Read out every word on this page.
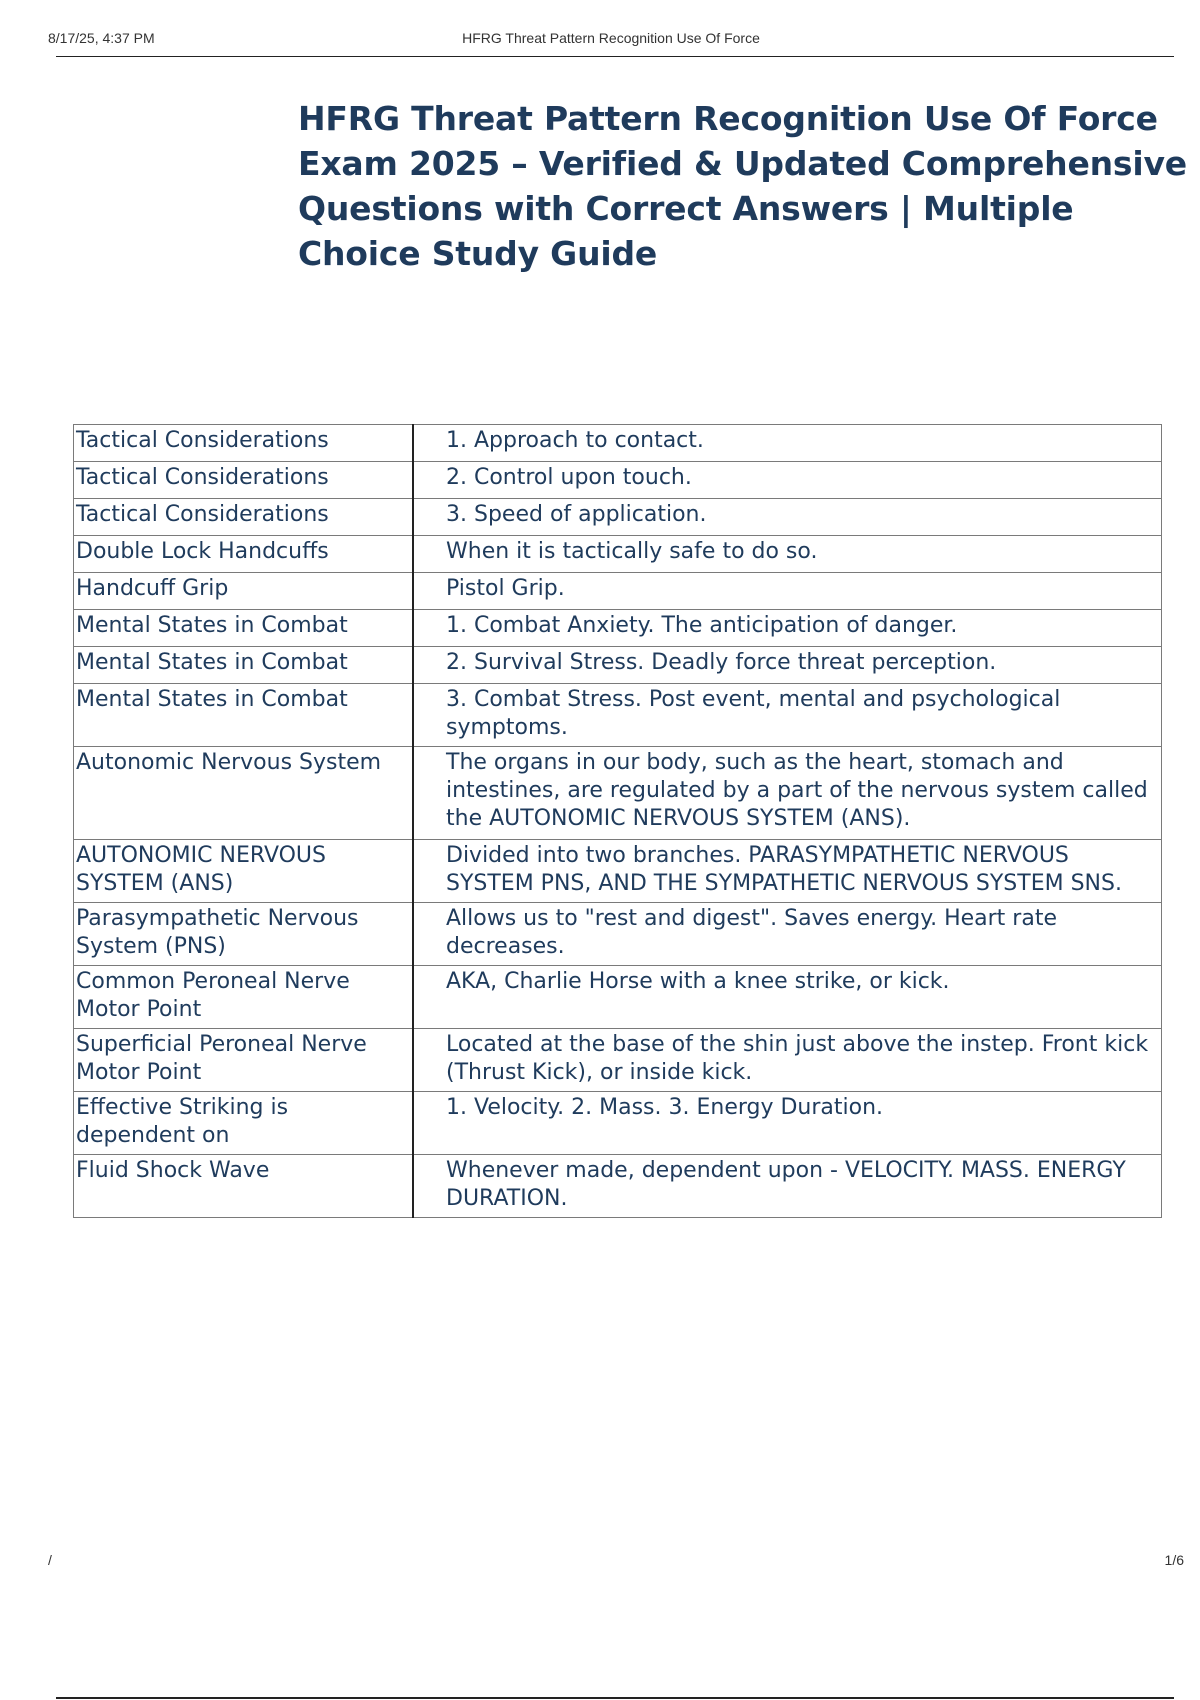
8/17/25, 4:37 PM	HFRG Threat Pattern Recognition Use Of Force
HFRG Threat Pattern Recognition Use Of Force Exam 2025 – Verified & Updated Comprehensive Questions with Correct Answers | Multiple Choice Study Guide
Tactical Considerations	1. Approach to contact.
Tactical Considerations	2. Control upon touch.
Tactical Considerations	3. Speed of application.
Double Lock Handcuffs	When it is tactically safe to do so.
Handcuff Grip	Pistol Grip.
Mental States in Combat	1. Combat Anxiety. The anticipation of danger.
Mental States in Combat	2. Survival Stress. Deadly force threat perception.
Mental States in Combat	3. Combat Stress. Post event, mental and psychological symptoms.
Autonomic Nervous System	The organs in our body, such as the heart, stomach and intestines, are regulated by a part of the nervous system called the AUTONOMIC NERVOUS SYSTEM (ANS).
AUTONOMIC NERVOUS SYSTEM (ANS)	Divided into two branches. PARASYMPATHETIC NERVOUS SYSTEM PNS, AND THE SYMPATHETIC NERVOUS SYSTEM SNS.
Parasympathetic Nervous System (PNS)	Allows us to "rest and digest". Saves energy. Heart rate decreases.
Common Peroneal Nerve Motor Point	AKA, Charlie Horse with a knee strike, or kick.
Superficial Peroneal Nerve Motor Point	Located at the base of the shin just above the instep. Front kick (Thrust Kick), or inside kick.
Effective Striking is dependent on	1. Velocity. 2. Mass. 3. Energy Duration.
Fluid Shock Wave	Whenever made, dependent upon - VELOCITY. MASS. ENERGY DURATION.
/	1/6
